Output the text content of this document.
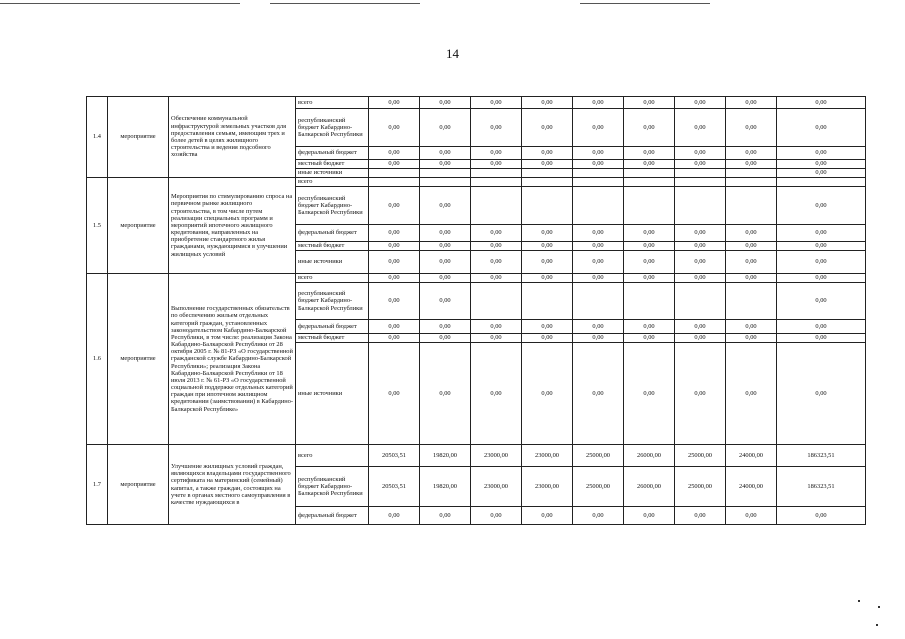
14
1.4	мероприятие	Обеспечение коммунальной инфраструктурой земельных участков для предоставления семьям, имеющим трех и более детей в целях жилищного строительства и ведения подсобного хозяйства	всего	0,00	0,00	0,00	0,00	0,00	0,00	0,00	0,00	0,00
			республиканский бюджет Кабардино-Балкарской Республики	0,00	0,00	0,00	0,00	0,00	0,00	0,00	0,00	0,00
			федеральный бюджет	0,00	0,00	0,00	0,00	0,00	0,00	0,00	0,00	0,00
			местный бюджет	0,00	0,00	0,00	0,00	0,00	0,00	0,00	0,00	0,00
			иные источники									0,00
1.5	мероприятие	Мероприятия по стимулированию спроса на первичном рынке жилищного строительства, в том числе путем реализации специальных программ и мероприятий ипотечного жилищного кредитования, направленных на приобретение стандартного жилья гражданами, нуждающимися в улучшении жилищных условий	всего									
			республиканский бюджет Кабардино-Балкарской Республики	0,00	0,00							0,00
			федеральный бюджет	0,00	0,00	0,00	0,00	0,00	0,00	0,00	0,00	0,00
			местный бюджет	0,00	0,00	0,00	0,00	0,00	0,00	0,00	0,00	0,00
			иные источники	0,00	0,00	0,00	0,00	0,00	0,00	0,00	0,00	0,00
1.6	мероприятие	Выполнение государственных обязательств по обеспечению жильем отдельных категорий граждан, установленных законодательством Кабардино-Балкарской Республики, в том числе: реализация Закона Кабардино-Балкарской Республики от 28 октября 2005 г. № 81-РЗ «О государственной гражданской службе Кабардино-Балкарской Республики»; реализация Закона Кабардино-Балкарской Республики от 18 июля 2013 г. № 61-РЗ «О государственной социальной поддержке отдельных категорий граждан при ипотечном жилищном кредитовании (заимствовании) в Кабардино-Балкарской Республике»	всего	0,00	0,00	0,00	0,00	0,00	0,00	0,00	0,00	0,00
			республиканский бюджет Кабардино-Балкарской Республики	0,00	0,00							0,00
			федеральный бюджет	0,00	0,00	0,00	0,00	0,00	0,00	0,00	0,00	0,00
			местный бюджет	0,00	0,00	0,00	0,00	0,00	0,00	0,00	0,00	0,00
			иные источники	0,00	0,00	0,00	0,00	0,00	0,00	0,00	0,00	0,00
1.7	мероприятие	Улучшение жилищных условий граждан, являющихся владельцами государственного сертификата на материнский (семейный) капитал, а также граждан, состоящих на учете в органах местного самоуправления в качестве нуждающихся в	всего	20503,51	19820,00	23000,00	23000,00	25000,00	26000,00	25000,00	24000,00	186323,51
			республиканский бюджет Кабардино-Балкарской Республики	20503,51	19820,00	23000,00	23000,00	25000,00	26000,00	25000,00	24000,00	186323,51
			федеральный бюджет	0,00	0,00	0,00	0,00	0,00	0,00	0,00	0,00	0,00
